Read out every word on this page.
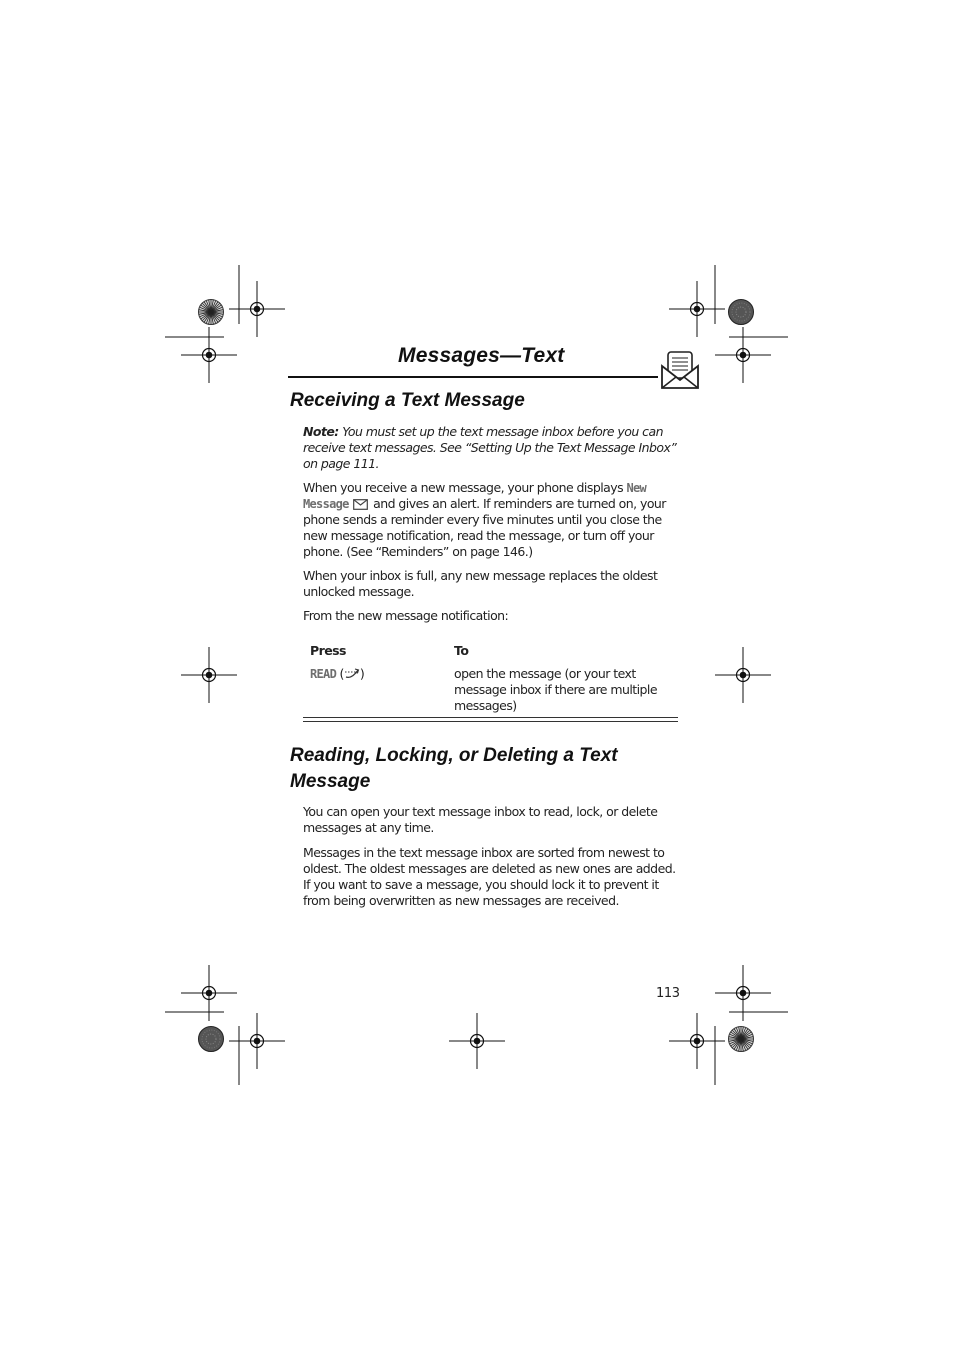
Messages—Text
Receiving a Text Message

Note: You must set up the text message inbox before you can receive text messages. See “Setting Up the Text Message Inbox” on page 111.

When you receive a new message, your phone displays New Message and gives an alert. If reminders are turned on, your phone sends a reminder every five minutes until you close the new message notification, read the message, or turn off your phone. (See “Reminders” on page 146.)

When your inbox is full, any new message replaces the oldest unlocked message.

From the new message notification:

Press	To
READ ( )	open the message (or your text message inbox if there are multiple messages)
Reading, Locking, or Deleting a Text Message

You can open your text message inbox to read, lock, or delete messages at any time.

Messages in the text message inbox are sorted from newest to oldest. The oldest messages are deleted as new ones are added. If you want to save a message, you should lock it to prevent it from being overwritten as new messages are received.

113
